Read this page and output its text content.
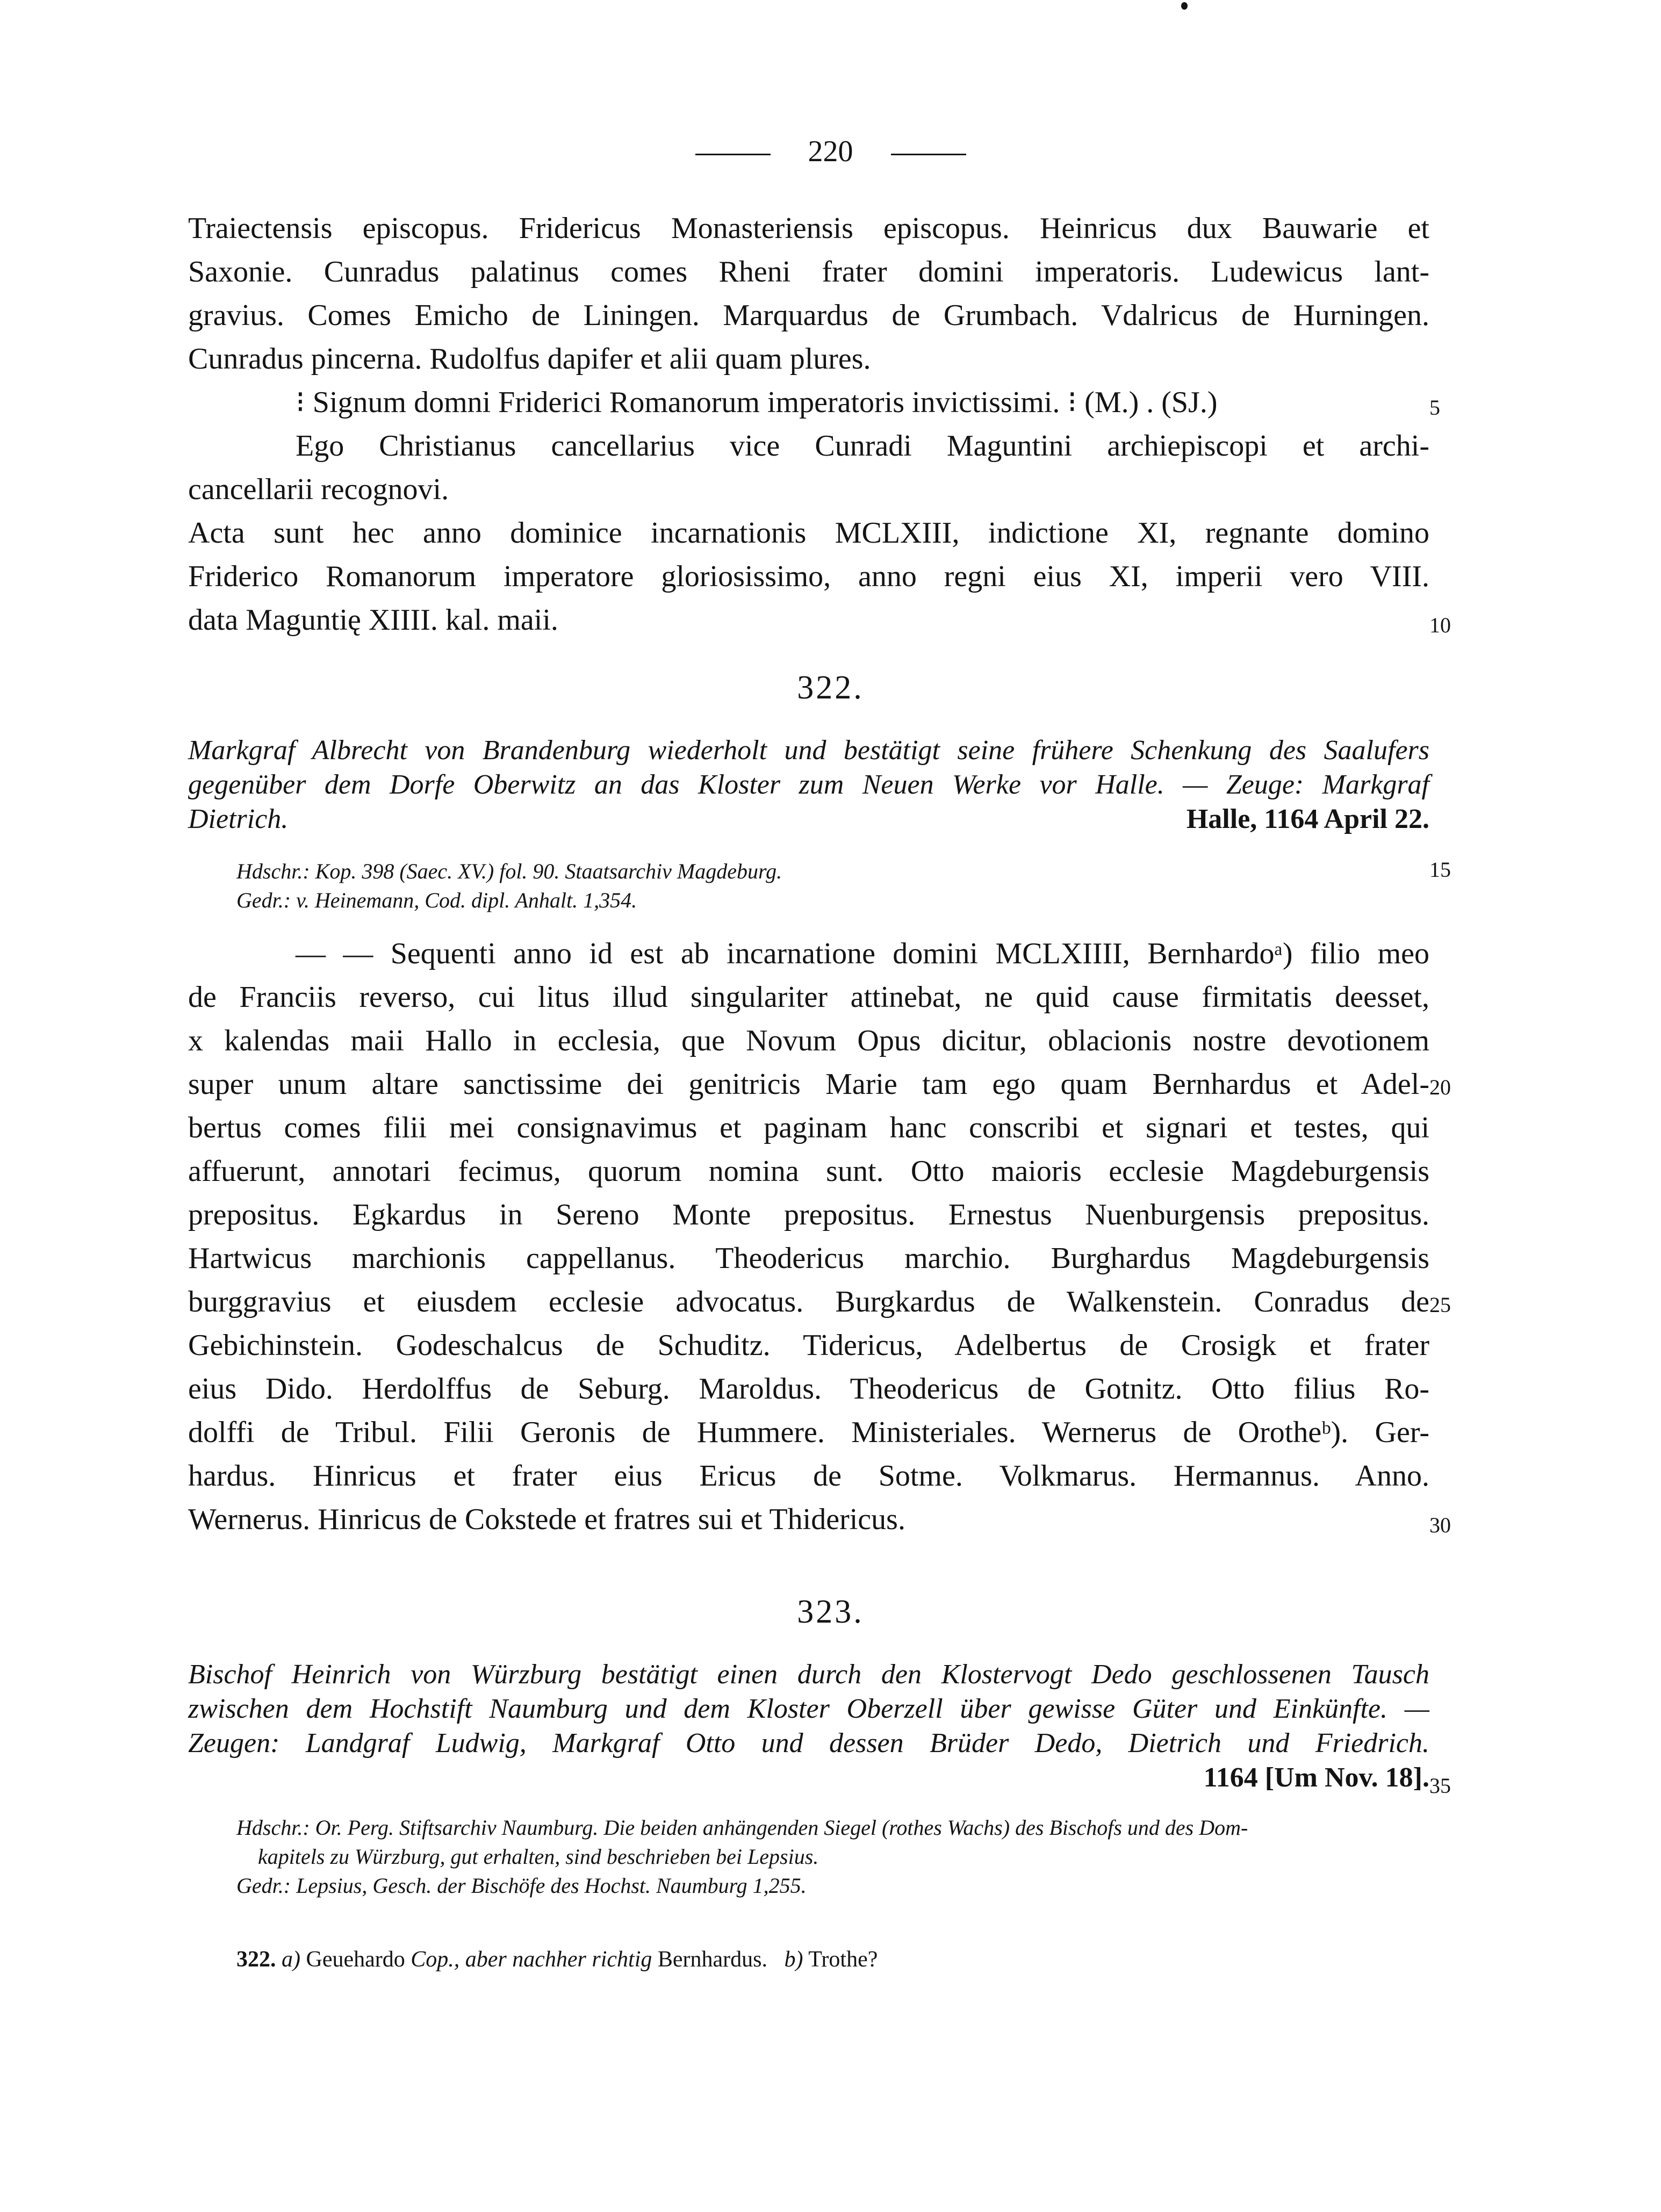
220
Traiectensis episcopus. Fridericus Monasteriensis episcopus. Heinricus dux Bauwarie et
Saxonie. Cunradus palatinus comes Rheni frater domini imperatoris. Ludewicus lant-
gravius. Comes Emicho de Liningen. Marquardus de Grumbach. Vdalricus de Hurningen.
Cunradus pincerna. Rudolfus dapifer et alii quam plures.
⁝ Signum domni Friderici Romanorum imperatoris invictissimi. ⁝ (M.) . (SJ.)
Ego Christianus cancellarius vice Cunradi Maguntini archiepiscopi et archi-
cancellarii recognovi.
Acta sunt hec anno dominice incarnationis MCLXIII, indictione XI, regnante domino
Friderico Romanorum imperatore gloriosissimo, anno regni eius XI, imperii vero VIII.
data Maguntię XIIII. kal. maii.
322.
Markgraf Albrecht von Brandenburg wiederholt und bestätigt seine frühere Schenkung des Saalufers
gegenüber dem Dorfe Oberwitz an das Kloster zum Neuen Werke vor Halle. — Zeuge: Markgraf
Dietrich.	Halle, 1164 April 22.
Hdschr.: Kop. 398 (Saec. XV.) fol. 90. Staatsarchiv Magdeburg.
Gedr.: v. Heinemann, Cod. dipl. Anhalt. 1,354.
— — Sequenti anno id est ab incarnatione domini MCLXIIII, Bernhardoᵃ) filio meo
de Franciis reverso, cui litus illud singulariter attinebat, ne quid cause firmitatis deesset,
x kalendas maii Hallo in ecclesia, que Novum Opus dicitur, oblacionis nostre devotionem
super unum altare sanctissime dei genitricis Marie tam ego quam Bernhardus et Adel-
bertus comes filii mei consignavimus et paginam hanc conscribi et signari et testes, qui
affuerunt, annotari fecimus, quorum nomina sunt. Otto maioris ecclesie Magdeburgensis
prepositus. Egkardus in Sereno Monte prepositus. Ernestus Nuenburgensis prepositus.
Hartwicus marchionis cappellanus. Theodericus marchio. Burghardus Magdeburgensis
burggravius et eiusdem ecclesie advocatus. Burgkardus de Walkenstein. Conradus de
Gebichinstein. Godeschalcus de Schuditz. Tidericus, Adelbertus de Crosigk et frater
eius Dido. Herdolffus de Seburg. Maroldus. Theodericus de Gotnitz. Otto filius Ro-
dolffi de Tribul. Filii Geronis de Hummere. Ministeriales. Wernerus de Orotheᵇ). Ger-
hardus. Hinricus et frater eius Ericus de Sotme. Volkmarus. Hermannus. Anno.
Wernerus. Hinricus de Cokstede et fratres sui et Thidericus.
323.
Bischof Heinrich von Würzburg bestätigt einen durch den Klostervogt Dedo geschlossenen Tausch
zwischen dem Hochstift Naumburg und dem Kloster Oberzell über gewisse Güter und Einkünfte. —
Zeugen: Landgraf Ludwig, Markgraf Otto und dessen Brüder Dedo, Dietrich und Friedrich.
1164 [Um Nov. 18].
Hdschr.: Or. Perg. Stiftsarchiv Naumburg. Die beiden anhängenden Siegel (rothes Wachs) des Bischofs und des Dom-
kapitels zu Würzburg, gut erhalten, sind beschrieben bei Lepsius.
Gedr.: Lepsius, Gesch. der Bischöfe des Hochst. Naumburg 1,255.
322. a) Geuehardo Cop., aber nachher richtig Bernhardus. b) Trothe?
5
10
15
20
25
30
35
